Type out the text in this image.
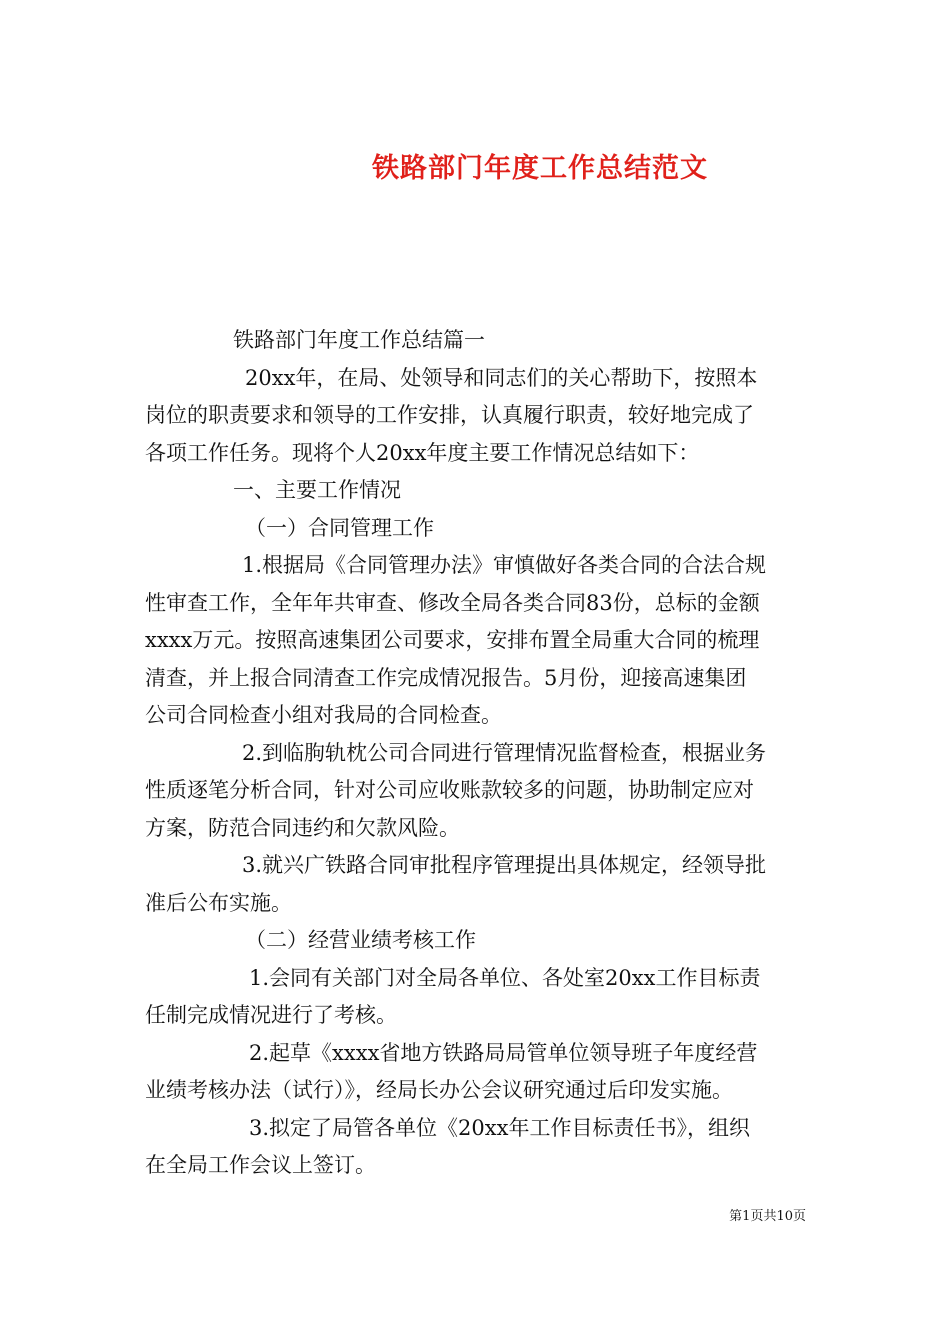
铁路部门年度工作总结范文

铁路部门年度工作总结篇一

20xx年，在局、处领导和同志们的关心帮助下，按照本

岗位的职责要求和领导的工作安排，认真履行职责，较好地完成了

各项工作任务。现将个人20xx年度主要工作情况总结如下：

一、主要工作情况

（一）合同管理工作

1.根据局《合同管理办法》审慎做好各类合同的合法合规

性审查工作，全年年共审查、修改全局各类合同83份，总标的金额

xxxx万元。按照高速集团公司要求，安排布置全局重大合同的梳理

清查，并上报合同清查工作完成情况报告。5月份，迎接高速集团

公司合同检查小组对我局的合同检查。

2.到临朐轨枕公司合同进行管理情况监督检查，根据业务

性质逐笔分析合同，针对公司应收账款较多的问题，协助制定应对

方案，防范合同违约和欠款风险。

3.就兴广铁路合同审批程序管理提出具体规定，经领导批

准后公布实施。

（二）经营业绩考核工作

1.会同有关部门对全局各单位、各处室20xx工作目标责

任制完成情况进行了考核。

2.起草《xxxx省地方铁路局局管单位领导班子年度经营

业绩考核办法（试行）》，经局长办公会议研究通过后印发实施。

3.拟定了局管各单位《20xx年工作目标责任书》，组织

在全局工作会议上签订。

第1页共10页
